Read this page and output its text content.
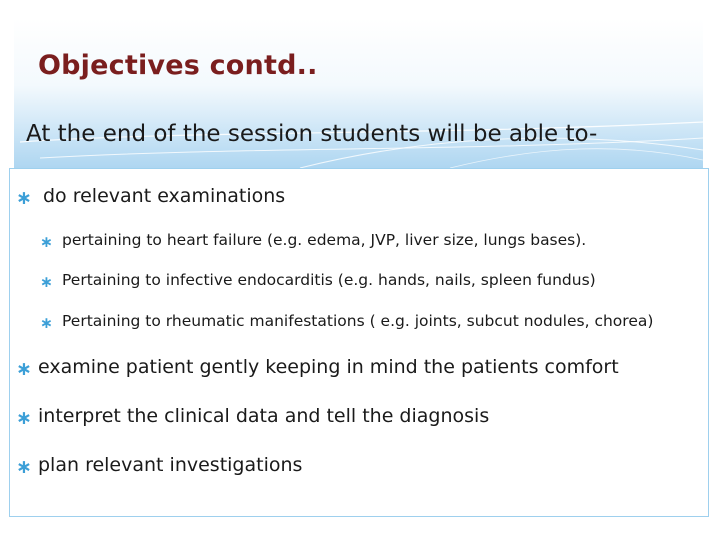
Objectives contd..
At the end of the session students will be able to-
∗ do relevant examinations
∗ pertaining to heart failure (e.g. edema, JVP, liver size, lungs bases).
∗ Pertaining to infective endocarditis (e.g. hands, nails, spleen fundus)
∗ Pertaining to rheumatic manifestations ( e.g. joints, subcut nodules, chorea)
∗ examine patient gently keeping in mind the patients comfort
∗ interpret the clinical data and tell the diagnosis
∗ plan relevant investigations
